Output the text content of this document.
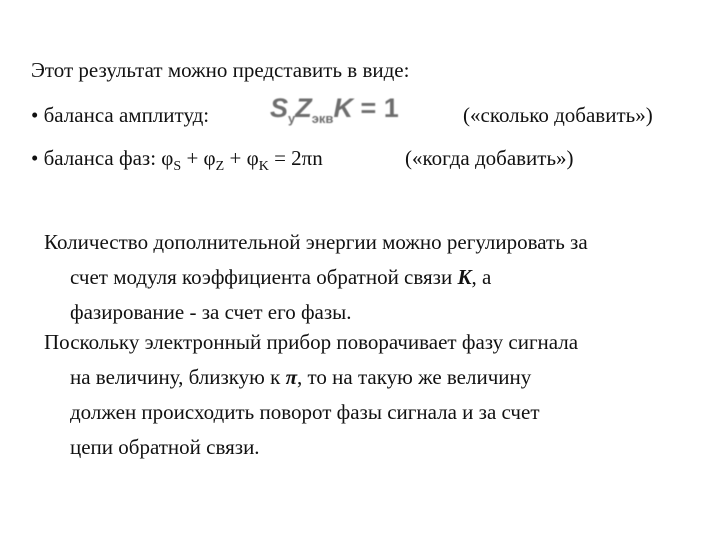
Этот результат можно представить в виде:
• баланса амплитуд: $S_уZ_{экв}K = 1$	(«сколько добавить»)
• баланса фаз: $\varphi_S + \varphi_Z + \varphi_K = 2\pi n$	(«когда добавить»)
Количество дополнительной энергии можно регулировать за
счет модуля коэффициента обратной связи K, а
фазирование - за счет его фазы.
Поскольку электронный прибор поворачивает фазу сигнала
на величину, близкую к π, то на такую же величину
должен происходить поворот фазы сигнала и за счет
цепи обратной связи.
